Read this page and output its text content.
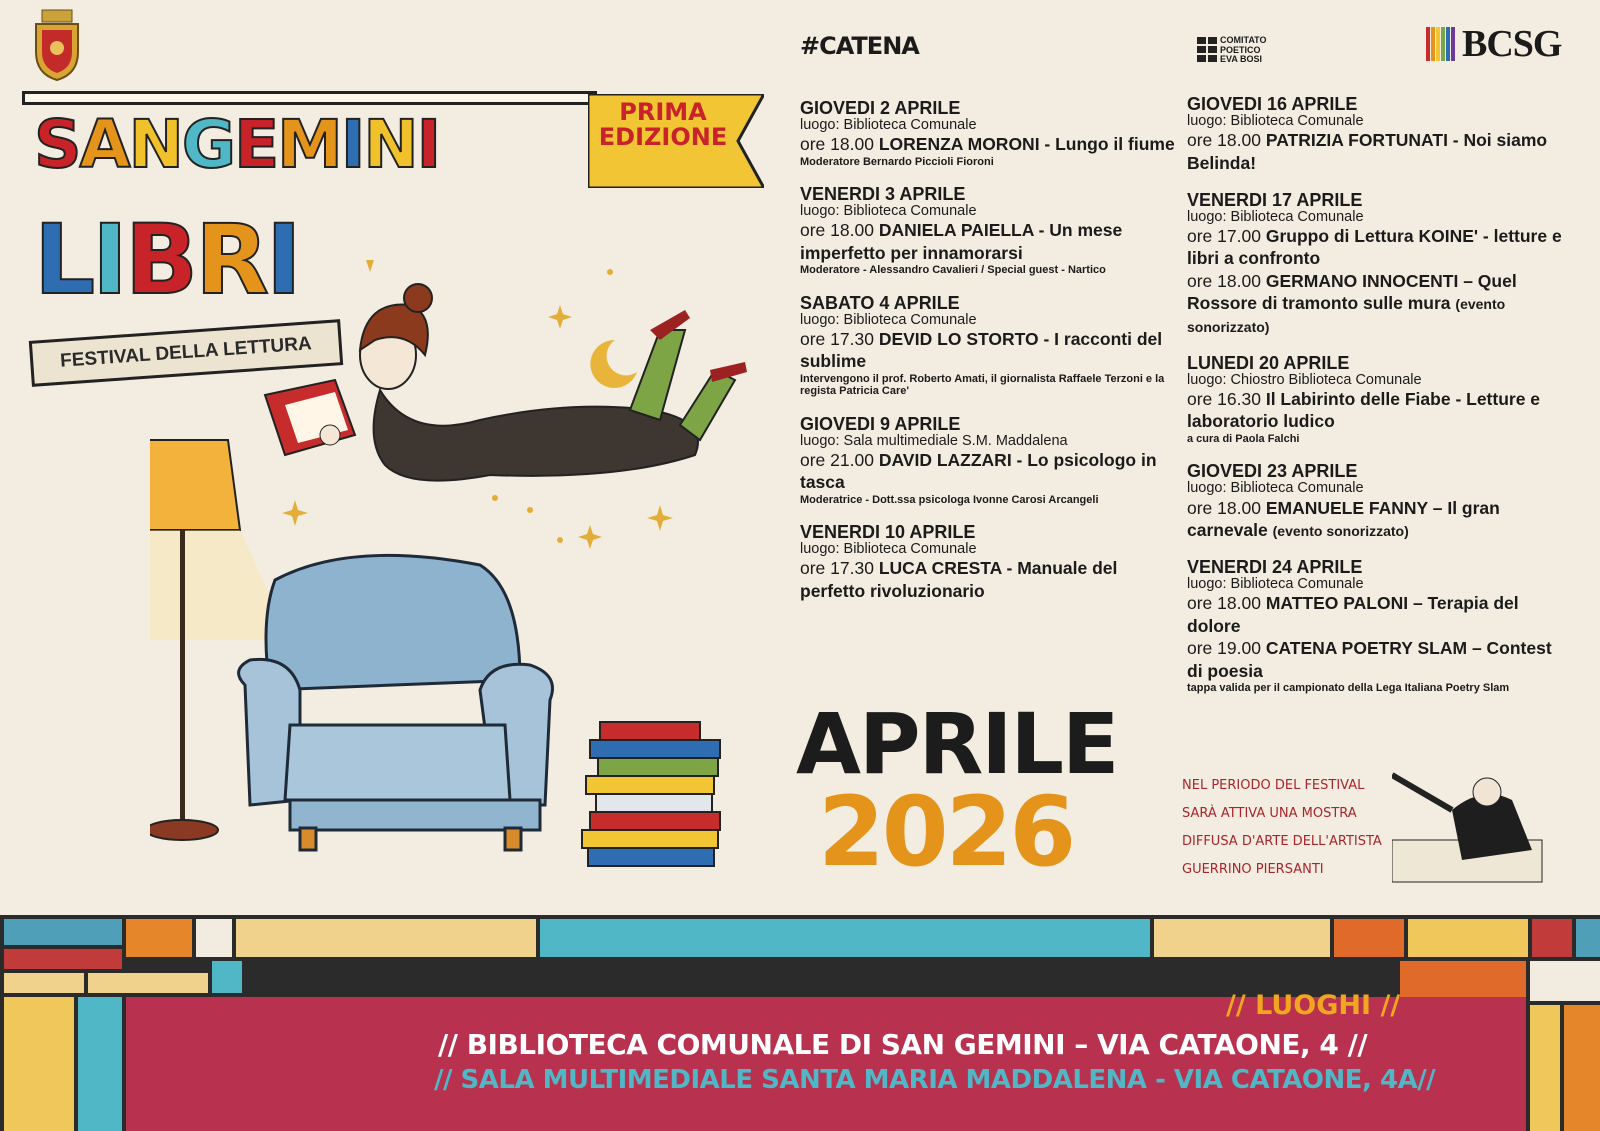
PRIMA
EDIZIONE
SANGEMINI
LIBRI
FESTIVAL DELLA LETTURA
#CATENA	COMITATO
POETICO
EVA BOSI	BCSG
GIOVEDI 2 APRILE
luogo: Biblioteca Comunale
ore 18.00 LORENZA MORONI - Lungo il fiume
Moderatore Bernardo Piccioli Fioroni
VENERDI 3 APRILE
luogo: Biblioteca Comunale
ore 18.00 DANIELA PAIELLA - Un mese imperfetto per innamorarsi
Moderatore - Alessandro Cavalieri / Special guest - Nartico
SABATO 4 APRILE
luogo: Biblioteca Comunale
ore 17.30 DEVID LO STORTO - I racconti del sublime
Intervengono il prof. Roberto Amati, il giornalista Raffaele Terzoni e la regista Patricia Care'
GIOVEDI 9 APRILE
luogo: Sala multimediale S.M. Maddalena
ore 21.00 DAVID LAZZARI - Lo psicologo in tasca
Moderatrice - Dott.ssa psicologa Ivonne Carosi Arcangeli
VENERDI 10 APRILE
luogo: Biblioteca Comunale
ore 17.30 LUCA CRESTA - Manuale del perfetto rivoluzionario
GIOVEDI 16 APRILE
luogo: Biblioteca Comunale
ore 18.00 PATRIZIA FORTUNATI - Noi siamo Belinda!
VENERDI 17 APRILE
luogo: Biblioteca Comunale
ore 17.00 Gruppo di Lettura KOINE' - letture e libri a confronto
ore 18.00 GERMANO INNOCENTI – Quel Rossore di tramonto sulle mura (evento sonorizzato)
LUNEDI 20 APRILE
luogo: Chiostro Biblioteca Comunale
ore 16.30 Il Labirinto delle Fiabe - Letture e laboratorio ludico
a cura di Paola Falchi
GIOVEDI 23 APRILE
luogo: Biblioteca Comunale
ore 18.00 EMANUELE FANNY – Il gran carnevale (evento sonorizzato)
VENERDI 24 APRILE
luogo: Biblioteca Comunale
ore 18.00 MATTEO PALONI – Terapia del dolore
ore 19.00 CATENA POETRY SLAM – Contest di poesia
tappa valida per il campionato della Lega Italiana Poetry Slam
APRILE
2026	NEL PERIODO DEL FESTIVAL
SARÀ ATTIVA UNA MOSTRA
DIFFUSA D'ARTE DELL'ARTISTA
GUERRINO PIERSANTI
// LUOGHI //
// BIBLIOTECA COMUNALE DI SAN GEMINI – VIA CATAONE, 4 //
// SALA MULTIMEDIALE SANTA MARIA MADDALENA - VIA CATAONE, 4A//
